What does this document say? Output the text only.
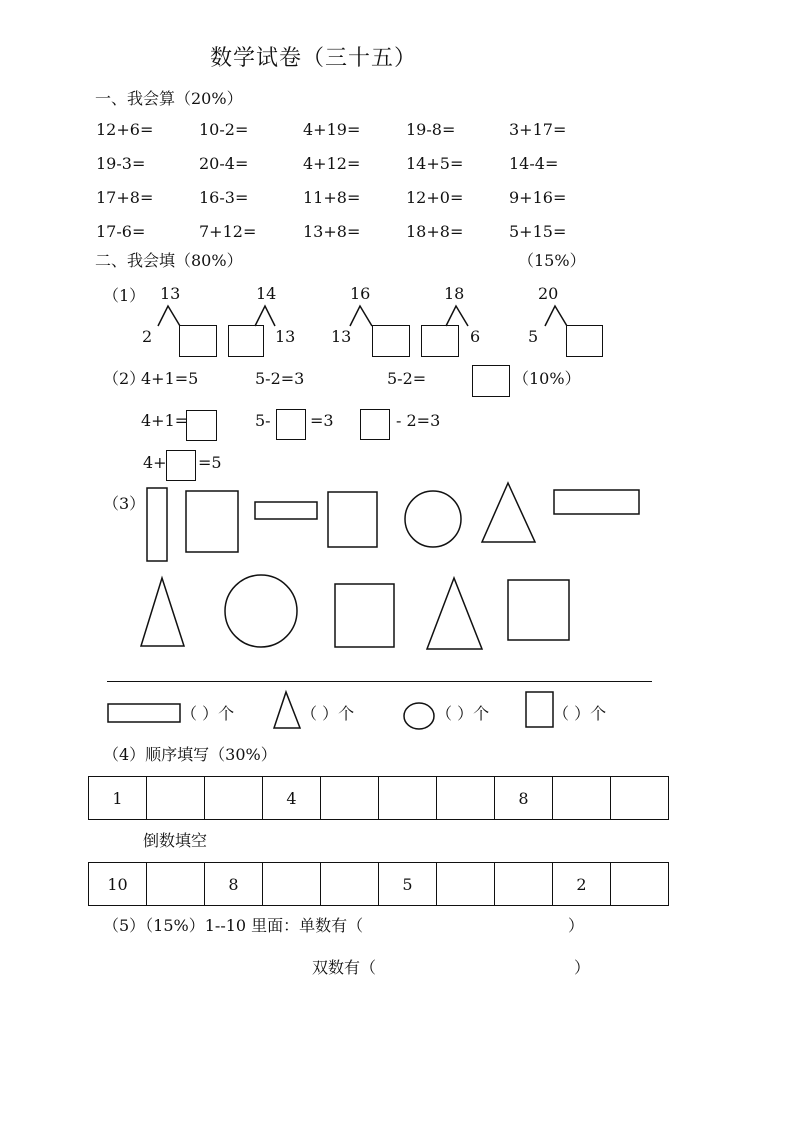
数学试卷（三十五）
一、我会算（20%）
12+6=	10-2=	4+19=	19-8=	3+17=
19-3=	20-4=	4+12=	14+5=	14-4=
17+8=	16-3=	11+8=	12+0=	9+16=
17-6=	7+12=	13+8=	18+8=	5+15=
二、我会填（80%）	（15%）
（1） 13
2
14
13
16
13
18
6
20
5
（2）
4+1=5	5-2=3	5-2=	（10%）
4+1=	5- =3	- 2=3
4+ =5
（3）
（ ）个	（ ）个	（ ）个	（ ）个
（4）顺序填写（30%）
1			4				8		
倒数填空
10		8			5			2	
（5）（15%）1--10 里面：单数有（	）
双数有（	）
